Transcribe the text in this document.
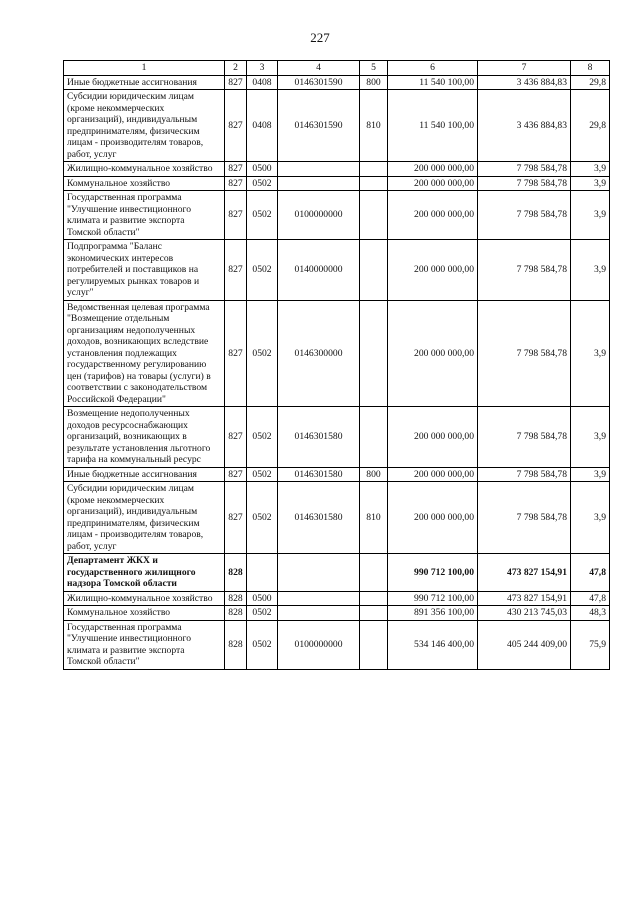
227
1	2	3	4	5	6	7	8
Иные бюджетные ассигнования	827	0408	0146301590	800	11 540 100,00	3 436 884,83	29,8
Субсидии юридическим лицам (кроме некоммерческих организаций), индивидуальным предпринимателям, физическим лицам - производителям товаров, работ, услуг	827	0408	0146301590	810	11 540 100,00	3 436 884,83	29,8
Жилищно-коммунальное хозяйство	827	0500			200 000 000,00	7 798 584,78	3,9
Коммунальное хозяйство	827	0502			200 000 000,00	7 798 584,78	3,9
Государственная программа "Улучшение инвестиционного климата и развитие экспорта Томской области"	827	0502	0100000000		200 000 000,00	7 798 584,78	3,9
Подпрограмма "Баланс экономических интересов потребителей и поставщиков на регулируемых рынках товаров и услуг"	827	0502	0140000000		200 000 000,00	7 798 584,78	3,9
Ведомственная целевая программа "Возмещение отдельным организациям недополученных доходов, возникающих вследствие установления подлежащих государственному регулированию цен (тарифов) на товары (услуги) в соответствии с законодательством Российской Федерации"	827	0502	0146300000		200 000 000,00	7 798 584,78	3,9
Возмещение недополученных доходов ресурсоснабжающих организаций, возникающих в результате установления льготного тарифа на коммунальный ресурс	827	0502	0146301580		200 000 000,00	7 798 584,78	3,9
Иные бюджетные ассигнования	827	0502	0146301580	800	200 000 000,00	7 798 584,78	3,9
Субсидии юридическим лицам (кроме некоммерческих организаций), индивидуальным предпринимателям, физическим лицам - производителям товаров, работ, услуг	827	0502	0146301580	810	200 000 000,00	7 798 584,78	3,9
Департамент ЖКХ и государственного жилищного надзора Томской области	828				990 712 100,00	473 827 154,91	47,8
Жилищно-коммунальное хозяйство	828	0500			990 712 100,00	473 827 154,91	47,8
Коммунальное хозяйство	828	0502			891 356 100,00	430 213 745,03	48,3
Государственная программа "Улучшение инвестиционного климата и развитие экспорта Томской области"	828	0502	0100000000		534 146 400,00	405 244 409,00	75,9
